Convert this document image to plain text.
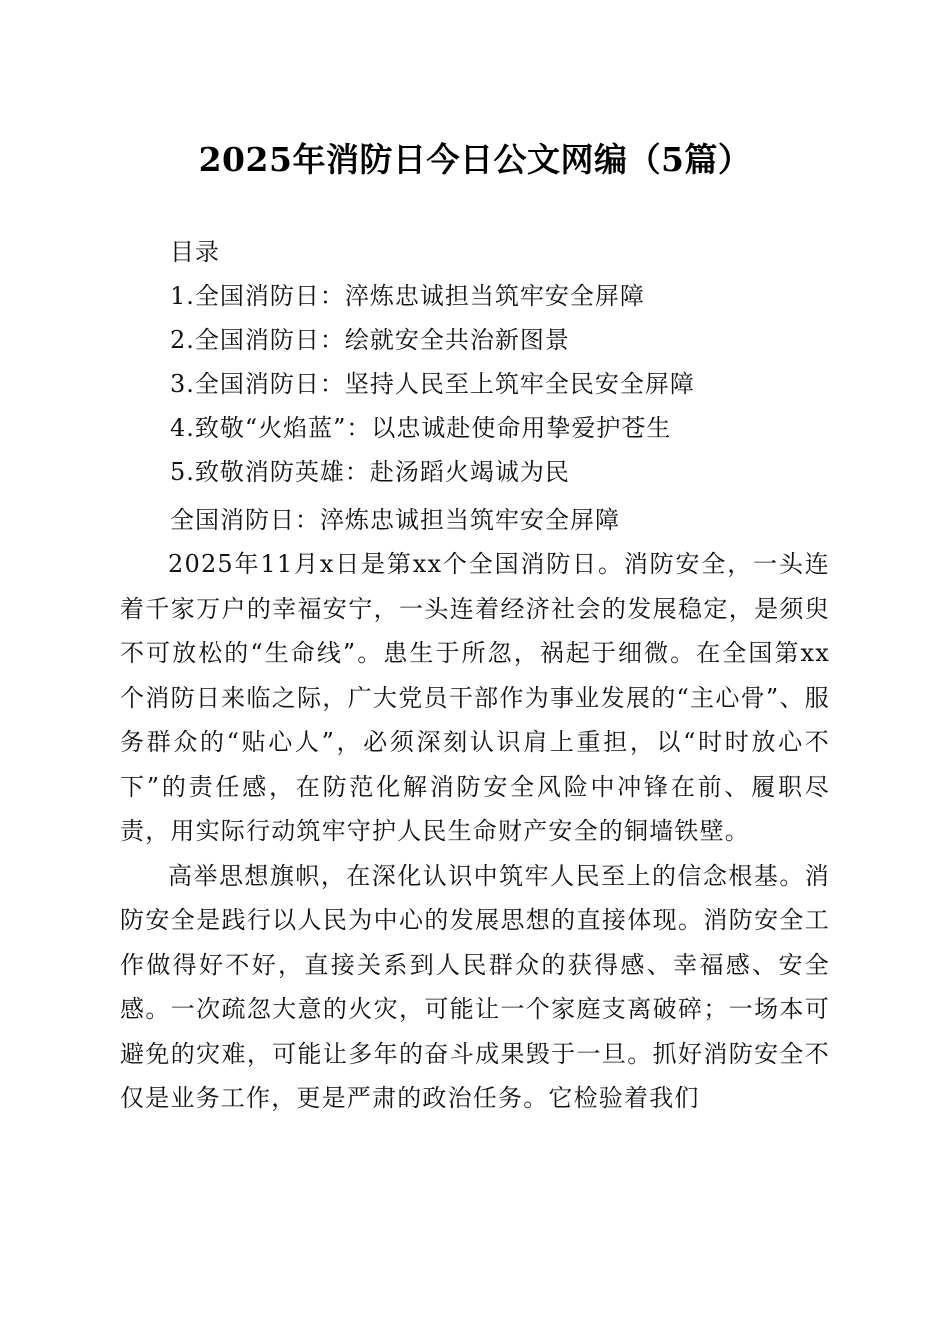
2025年消防日今日公文网编（5篇）
目录
1.全国消防日：淬炼忠诚担当筑牢安全屏障
2.全国消防日：绘就安全共治新图景
3.全国消防日：坚持人民至上筑牢全民安全屏障
4.致敬“火焰蓝”：以忠诚赴使命用挚爱护苍生
5.致敬消防英雄：赴汤蹈火竭诚为民
全国消防日：淬炼忠诚担当筑牢安全屏障

2025年11月x日是第xx个全国消防日。消防安全，一头连着千家万户的幸福安宁，一头连着经济社会的发展稳定，是须臾不可放松的“生命线”。患生于所忽，祸起于细微。在全国第xx个消防日来临之际，广大党员干部作为事业发展的“主心骨”、服务群众的“贴心人”，必须深刻认识肩上重担，以“时时放心不下”的责任感，在防范化解消防安全风险中冲锋在前、履职尽责，用实际行动筑牢守护人民生命财产安全的铜墙铁壁。

高举思想旗帜，在深化认识中筑牢人民至上的信念根基。消防安全是践行以人民为中心的发展思想的直接体现。消防安全工作做得好不好，直接关系到人民群众的获得感、幸福感、安全感。一次疏忽大意的火灾，可能让一个家庭支离破碎；一场本可避免的灾难，可能让多年的奋斗成果毁于一旦。抓好消防安全不仅是业务工作，更是严肃的政治任务。它检验着我们
